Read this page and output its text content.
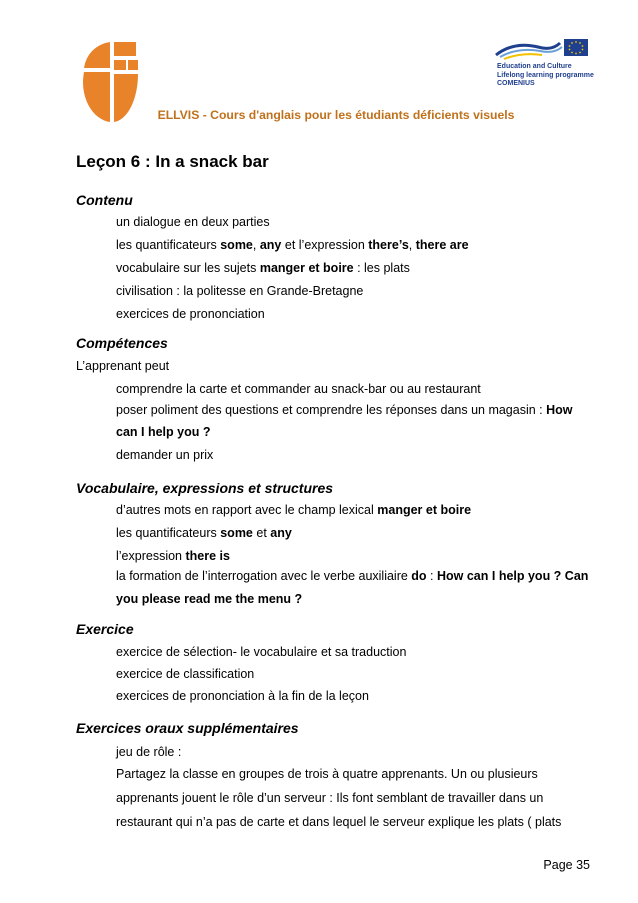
ELLVIS - Cours d'anglais pour les étudiants déficients visuels
Education and Culture
Lifelong learning programme
COMENIUS
Leçon 6 : In a snack bar
Contenu
un dialogue en deux parties
les quantificateurs some, any et l’expression there’s, there are
vocabulaire sur les sujets manger et boire : les plats
civilisation : la politesse en Grande-Bretagne
exercices de prononciation
Compétences
L’apprenant peut
comprendre la carte et commander au snack-bar ou au restaurant
poser poliment des questions et comprendre les réponses dans un magasin : How can I help you ?
demander un prix
Vocabulaire, expressions et structures
d’autres mots en rapport avec le champ lexical manger et boire
les quantificateurs some et any
l’expression there is
la formation de l’interrogation avec le verbe auxiliaire do : How can I help you ? Can you please read me the menu ?
Exercice
exercice de sélection- le vocabulaire et sa traduction
exercice de classification
exercices de prononciation à la fin de la leçon
Exercices oraux supplémentaires
jeu de rôle :
Partagez la classe en groupes de trois à quatre apprenants. Un ou plusieurs apprenants jouent le rôle d’un serveur : Ils font semblant de travailler dans un restaurant qui n’a pas de carte et dans lequel le serveur explique les plats ( plats
Page 35
